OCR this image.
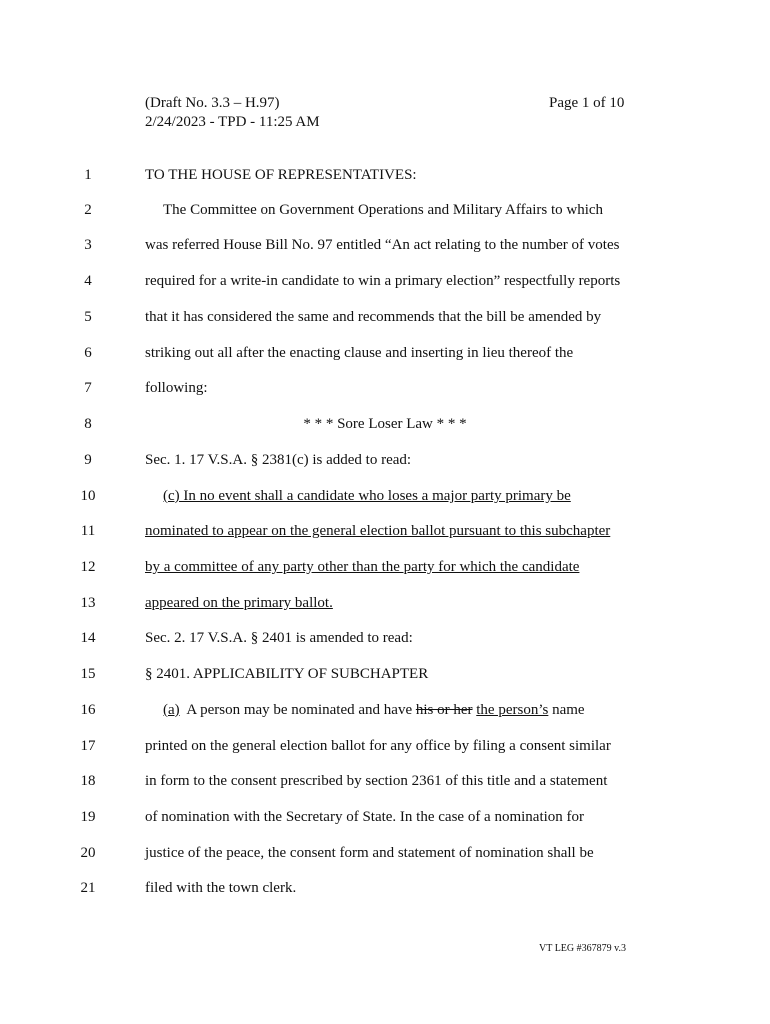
(Draft No. 3.3 – H.97)
2/24/2023 - TPD - 11:25 AM
Page 1 of 10
1	TO THE HOUSE OF REPRESENTATIVES:
2	The Committee on Government Operations and Military Affairs to which
3	was referred House Bill No. 97 entitled “An act relating to the number of votes
4	required for a write-in candidate to win a primary election” respectfully reports
5	that it has considered the same and recommends that the bill be amended by
6	striking out all after the enacting clause and inserting in lieu thereof the
7	following:
8	* * * Sore Loser Law * * *
9	Sec. 1. 17 V.S.A. § 2381(c) is added to read:
10	(c) In no event shall a candidate who loses a major party primary be
11	nominated to appear on the general election ballot pursuant to this subchapter
12	by a committee of any party other than the party for which the candidate
13	appeared on the primary ballot.
14	Sec. 2. 17 V.S.A. § 2401 is amended to read:
15	§ 2401. APPLICABILITY OF SUBCHAPTER
16	(a)  A person may be nominated and have his or her the person’s name
17	printed on the general election ballot for any office by filing a consent similar
18	in form to the consent prescribed by section 2361 of this title and a statement
19	of nomination with the Secretary of State. In the case of a nomination for
20	justice of the peace, the consent form and statement of nomination shall be
21	filed with the town clerk.
VT LEG #367879 v.3
